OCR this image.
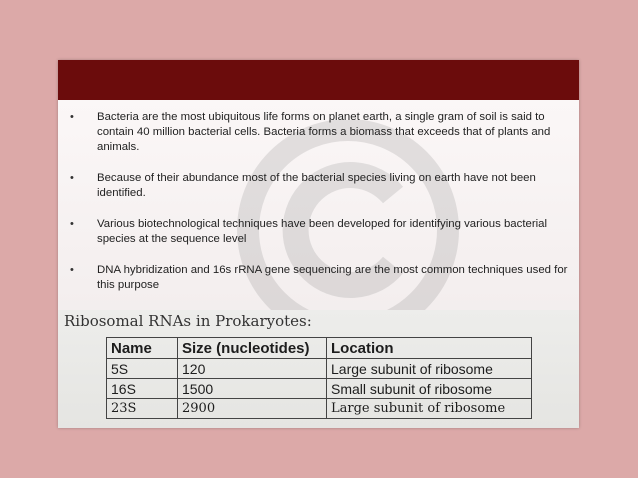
• Bacteria are the most ubiquitous life forms on planet earth, a single gram of soil is said to contain 40 million bacterial cells. Bacteria forms a biomass that exceeds that of plants and animals.
• Because of their abundance most of the bacterial species living on earth have not been identified.
• Various biotechnological techniques have been developed for identifying various bacterial species at the sequence level
• DNA hybridization and 16s rRNA gene sequencing are the most common techniques used for this purpose
Ribosomal RNAs in Prokaryotes:
Name	Size (nucleotides)	Location
5S	120	Large subunit of ribosome
16S	1500	Small subunit of ribosome
23S	2900	Large subunit of ribosome
